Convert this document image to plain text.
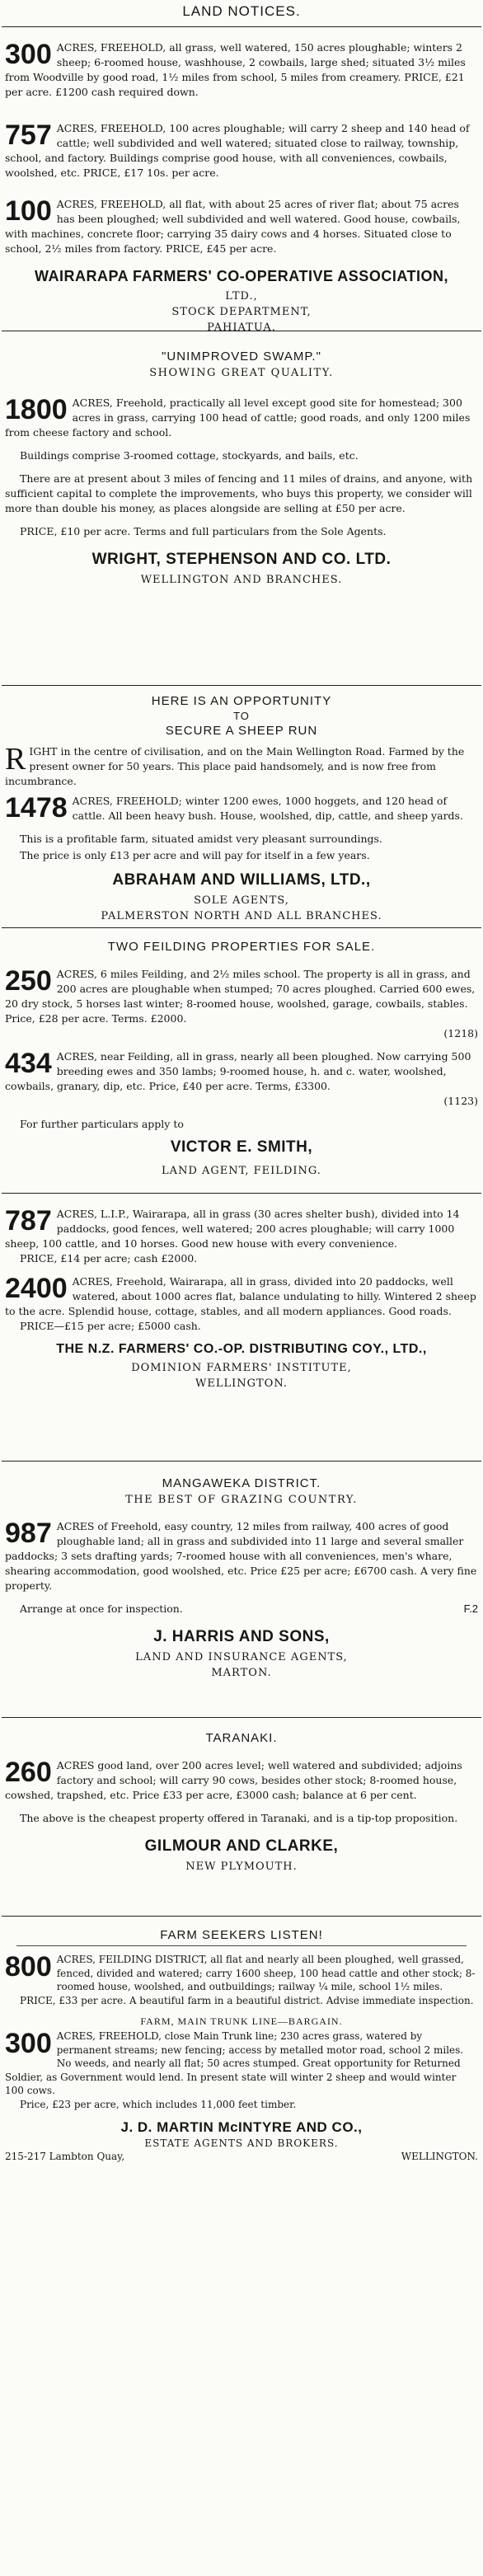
LAND NOTICES.
300 ACRES, FREEHOLD, all grass, well watered, 150 acres ploughable; winters 2 sheep; 6-roomed house, washhouse, 2 cowbails, large shed; situated 3½ miles from Woodville by good road, 1½ miles from school, 5 miles from creamery. PRICE, £21 per acre. £1200 cash required down.
757 ACRES, FREEHOLD, 100 acres ploughable; will carry 2 sheep and 140 head of cattle; well subdivided and well watered; situated close to railway, township, school, and factory. Buildings comprise good house, with all conveniences, cowbails, woolshed, etc. PRICE, £17 10s. per acre.
100 ACRES, FREEHOLD, all flat, with about 25 acres of river flat; about 75 acres has been ploughed; well subdivided and well watered. Good house, cowbails, with machines, concrete floor; carrying 35 dairy cows and 4 horses. Situated close to school, 2½ miles from factory. PRICE, £45 per acre.
WAIRARAPA FARMERS' CO-OPERATIVE ASSOCIATION,
LTD.,
STOCK DEPARTMENT,
PAHIATUA.
"UNIMPROVED SWAMP."
SHOWING GREAT QUALITY.
1800 ACRES, Freehold, practically all level except good site for homestead; 300 acres in grass, carrying 100 head of cattle; good roads, and only 1200 miles from cheese factory and school.
Buildings comprise 3-roomed cottage, stockyards, and bails, etc.
There are at present about 3 miles of fencing and 11 miles of drains, and anyone, with sufficient capital to complete the improvements, who buys this property, we consider will more than double his money, as places alongside are selling at £50 per acre.
PRICE, £10 per acre. Terms and full particulars from the Sole Agents.
WRIGHT, STEPHENSON AND CO. LTD.
WELLINGTON AND BRANCHES.
HERE IS AN OPPORTUNITY
TO
SECURE A SHEEP RUN
R IGHT in the centre of civilisation, and on the Main Wellington Road. Farmed by the present owner for 50 years. This place paid handsomely, and is now free from incumbrance.
1478 ACRES, FREEHOLD; winter 1200 ewes, 1000 hoggets, and 120 head of cattle. All been heavy bush. House, woolshed, dip, cattle, and sheep yards.
This is a profitable farm, situated amidst very pleasant surroundings.
The price is only £13 per acre and will pay for itself in a few years.
ABRAHAM AND WILLIAMS, LTD.,
SOLE AGENTS,
PALMERSTON NORTH AND ALL BRANCHES.
TWO FEILDING PROPERTIES FOR SALE.
250 ACRES, 6 miles Feilding, and 2½ miles school. The property is all in grass, and 200 acres are ploughable when stumped; 70 acres ploughed. Carried 600 ewes, 20 dry stock, 5 horses last winter; 8-roomed house, woolshed, garage, cowbails, stables. Price, £28 per acre. Terms. £2000.
(1218)
434 ACRES, near Feilding, all in grass, nearly all been ploughed. Now carrying 500 breeding ewes and 350 lambs; 9-roomed house, h. and c. water, woolshed, cowbails, granary, dip, etc. Price, £40 per acre. Terms, £3300.
(1123)
For further particulars apply to
VICTOR E. SMITH,
LAND AGENT, FEILDING.
787 ACRES, L.I.P., Wairarapa, all in grass (30 acres shelter bush), divided into 14 paddocks, good fences, well watered; 200 acres ploughable; will carry 1000 sheep, 100 cattle, and 10 horses. Good new house with every convenience.
PRICE, £14 per acre; cash £2000.
2400 ACRES, Freehold, Wairarapa, all in grass, divided into 20 paddocks, well watered, about 1000 acres flat, balance undulating to hilly. Wintered 2 sheep to the acre. Splendid house, cottage, stables, and all modern appliances. Good roads.
PRICE—£15 per acre; £5000 cash.
THE N.Z. FARMERS' CO.-OP. DISTRIBUTING COY., LTD.,
DOMINION FARMERS' INSTITUTE,
WELLINGTON.
MANGAWEKA DISTRICT.
THE BEST OF GRAZING COUNTRY.
987 ACRES of Freehold, easy country, 12 miles from railway, 400 acres of good ploughable land; all in grass and subdivided into 11 large and several smaller paddocks; 3 sets drafting yards; 7-roomed house with all conveniences, men's whare, shearing accommodation, good woolshed, etc. Price £25 per acre; £6700 cash. A very fine property.
F.2
Arrange at once for inspection.
J. HARRIS AND SONS,
LAND AND INSURANCE AGENTS,
MARTON.
TARANAKI.
260 ACRES good land, over 200 acres level; well watered and subdivided; adjoins factory and school; will carry 90 cows, besides other stock; 8-roomed house, cowshed, trapshed, etc. Price £33 per acre, £3000 cash; balance at 6 per cent.
The above is the cheapest property offered in Taranaki, and is a tip-top proposition.
GILMOUR AND CLARKE,
NEW PLYMOUTH.
FARM SEEKERS LISTEN!
800 ACRES, FEILDING DISTRICT, all flat and nearly all been ploughed, well grassed, fenced, divided and watered; carry 1600 sheep, 100 head cattle and other stock; 8-roomed house, woolshed, and outbuildings; railway ¼ mile, school 1½ miles.
PRICE, £33 per acre. A beautiful farm in a beautiful district. Advise immediate inspection.
FARM, MAIN TRUNK LINE—BARGAIN.
300 ACRES, FREEHOLD, close Main Trunk line; 230 acres grass, watered by permanent streams; new fencing; access by metalled motor road, school 2 miles. No weeds, and nearly all flat; 50 acres stumped. Great opportunity for Returned Soldier, as Government would lend. In present state will winter 2 sheep and would winter 100 cows.
Price, £23 per acre, which includes 11,000 feet timber.
J. D. MARTIN McINTYRE AND CO.,
ESTATE AGENTS AND BROKERS.
215-217 Lambton Quay,	WELLINGTON.
